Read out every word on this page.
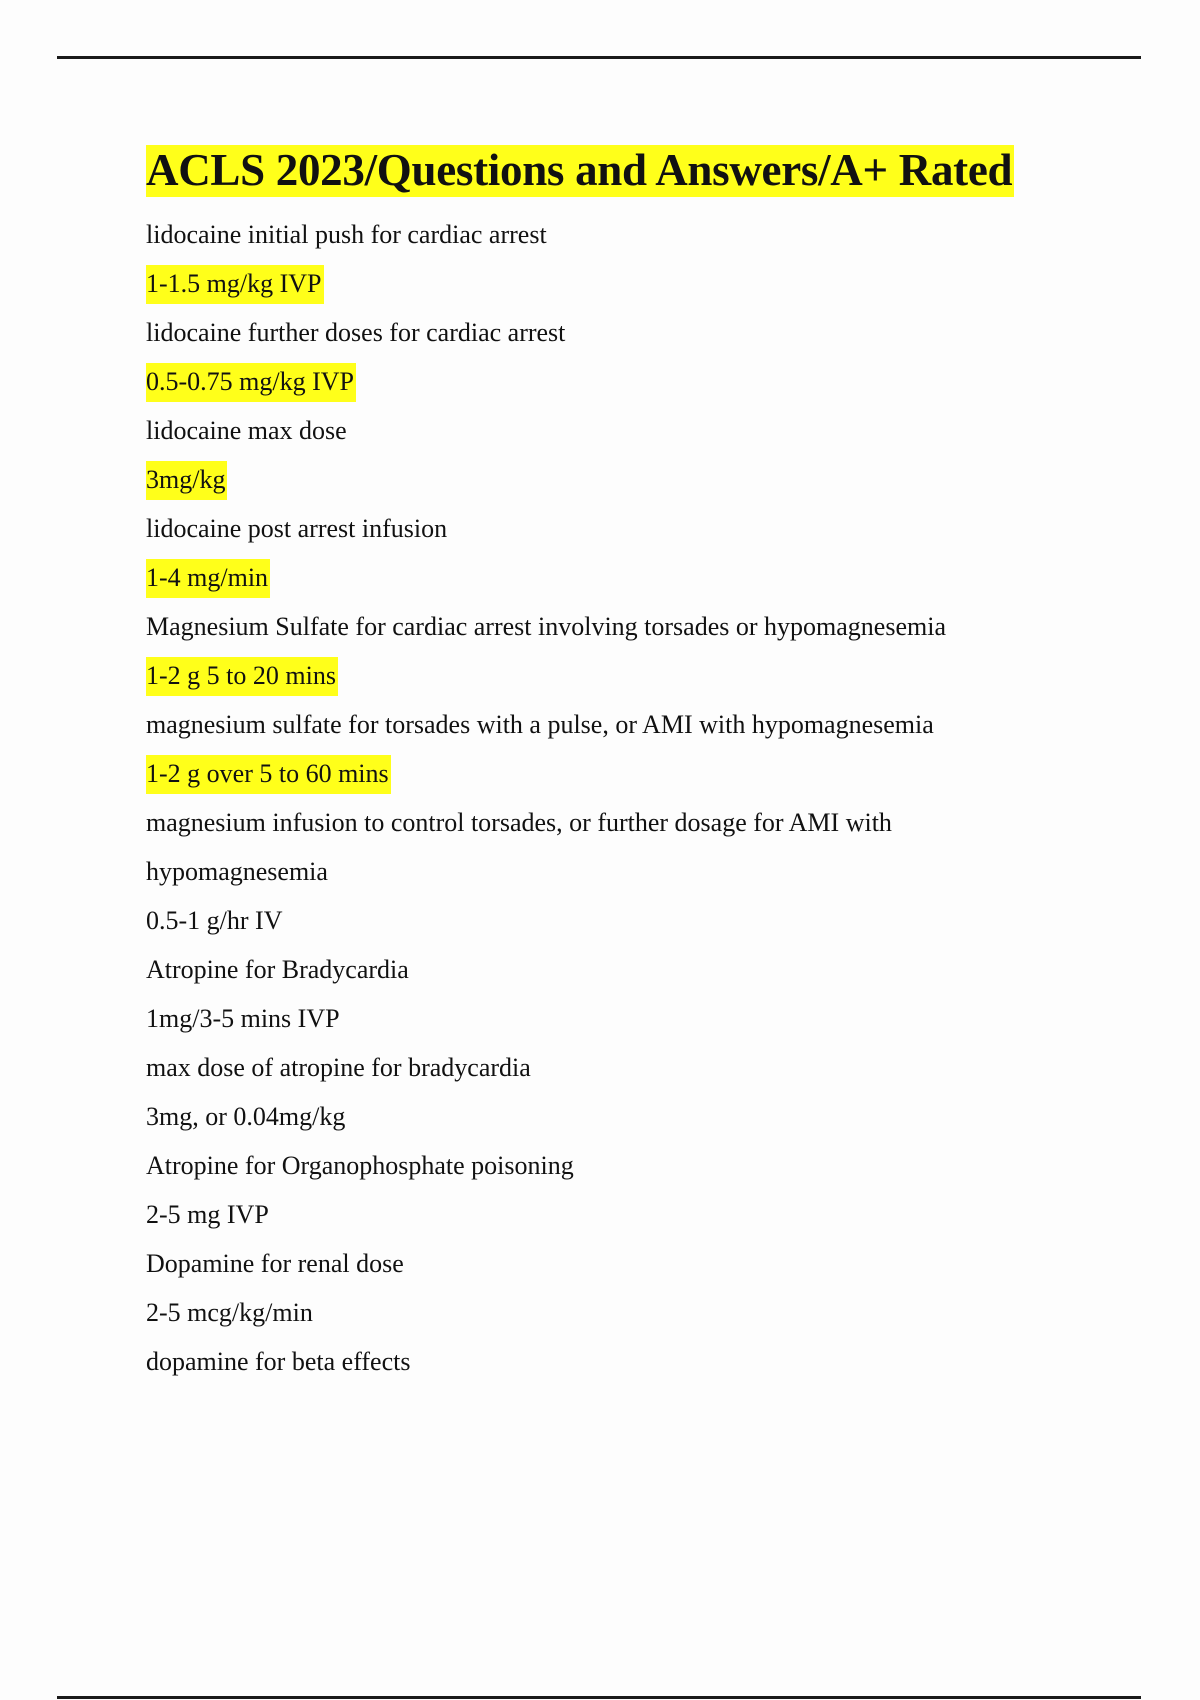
ACLS 2023/Questions and Answers/A+ Rated
lidocaine initial push for cardiac arrest
1-1.5 mg/kg IVP
lidocaine further doses for cardiac arrest
0.5-0.75 mg/kg IVP
lidocaine max dose
3mg/kg
lidocaine post arrest infusion
1-4 mg/min
Magnesium Sulfate for cardiac arrest involving torsades or hypomagnesemia
1-2 g 5 to 20 mins
magnesium sulfate for torsades with a pulse, or AMI with hypomagnesemia
1-2 g over 5 to 60 mins
magnesium infusion to control torsades, or further dosage for AMI with
hypomagnesemia
0.5-1 g/hr IV
Atropine for Bradycardia
1mg/3-5 mins IVP
max dose of atropine for bradycardia
3mg, or 0.04mg/kg
Atropine for Organophosphate poisoning
2-5 mg IVP
Dopamine for renal dose
2-5 mcg/kg/min
dopamine for beta effects
